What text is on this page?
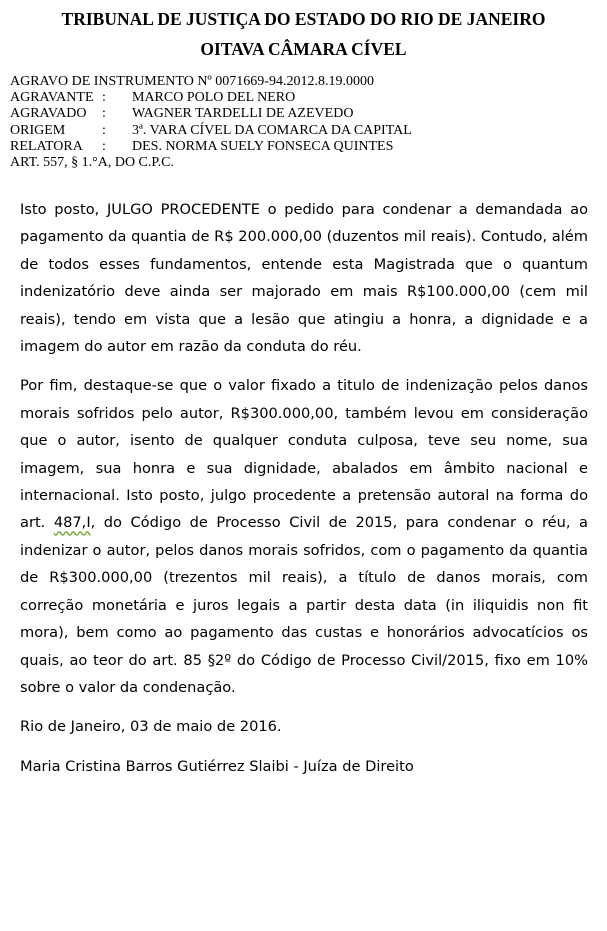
TRIBUNAL DE JUSTIÇA DO ESTADO DO RIO DE JANEIRO
OITAVA CÂMARA CÍVEL
AGRAVO DE INSTRUMENTO Nº 0071669-94.2012.8.19.0000
AGRAVANTE : MARCO POLO DEL NERO
AGRAVADO : WAGNER TARDELLI DE AZEVEDO
ORIGEM	: 3ª. VARA CÍVEL DA COMARCA DA CAPITAL
RELATORA : DES. NORMA SUELY FONSECA QUINTES
ART. 557, § 1.°A, DO C.P.C.

Isto posto, JULGO PROCEDENTE o pedido para condenar a demandada ao pagamento da quantia de R$ 200.000,00 (duzentos mil reais). Contudo, além de todos esses fundamentos, entende esta Magistrada que o quantum indenizatório deve ainda ser majorado em mais R$100.000,00 (cem mil reais), tendo em vista que a lesão que atingiu a honra, a dignidade e a imagem do autor em razão da conduta do réu.

Por fim, destaque-se que o valor fixado a titulo de indenização pelos danos morais sofridos pelo autor, R$300.000,00, também levou em consideração que o autor, isento de qualquer conduta culposa, teve seu nome, sua imagem, sua honra e sua dignidade, abalados em âmbito nacional e internacional. Isto posto, julgo procedente a pretensão autoral na forma do art. 487,I, do Código de Processo Civil de 2015, para condenar o réu, a indenizar o autor, pelos danos morais sofridos, com o pagamento da quantia de R$300.000,00 (trezentos mil reais), a título de danos morais, com correção monetária e juros legais a partir desta data (in iliquidis non fit mora), bem como ao pagamento das custas e honorários advocatícios os quais, ao teor do art. 85 §2º do Código de Processo Civil/2015, fixo em 10% sobre o valor da condenação.

Rio de Janeiro, 03 de maio de 2016.

Maria Cristina Barros Gutiérrez Slaibi - Juíza de Direito
